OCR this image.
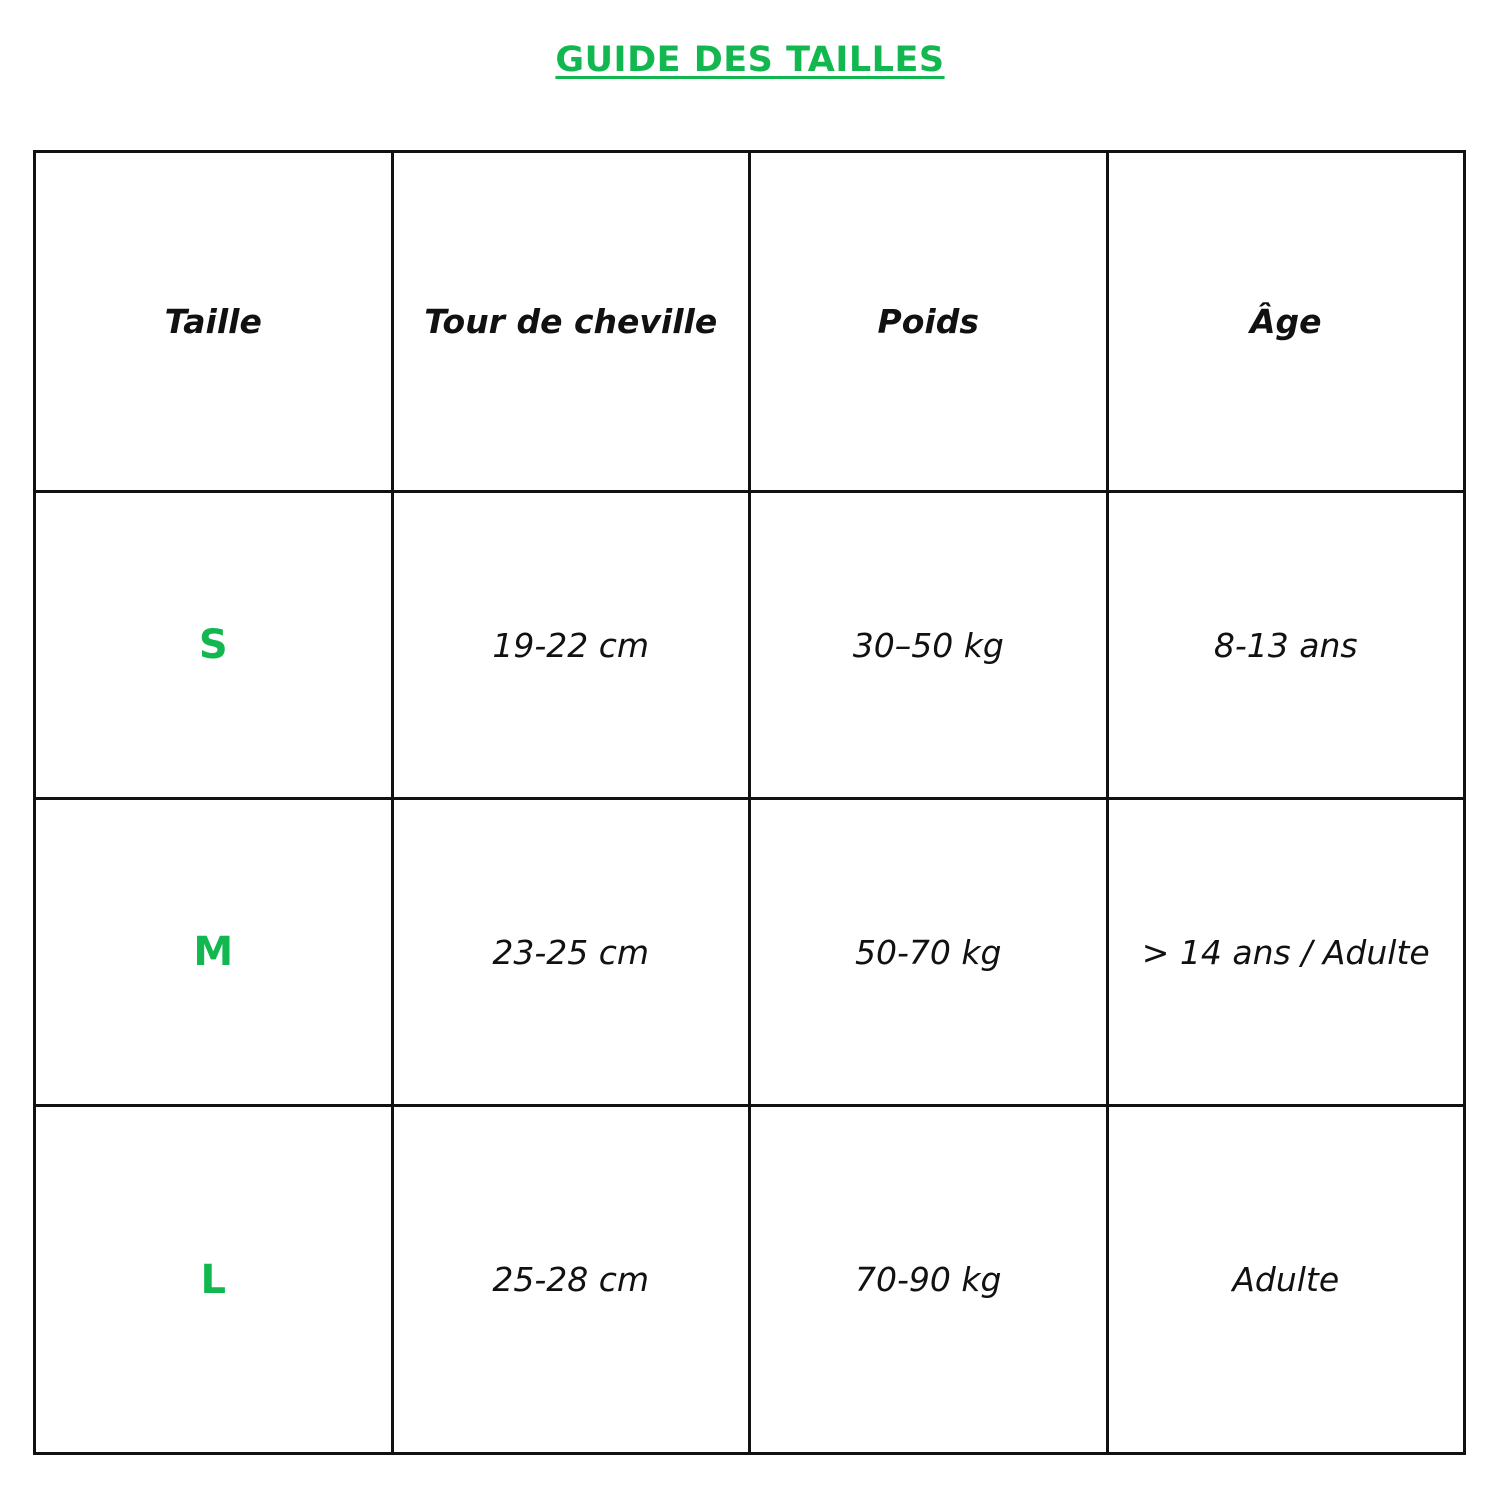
GUIDE DES TAILLES
Taille	Tour de cheville	Poids	Âge
S	19-22 cm	30–50 kg	8-13 ans
M	23-25 cm	50-70 kg	> 14 ans / Adulte
L	25-28 cm	70-90 kg	Adulte
